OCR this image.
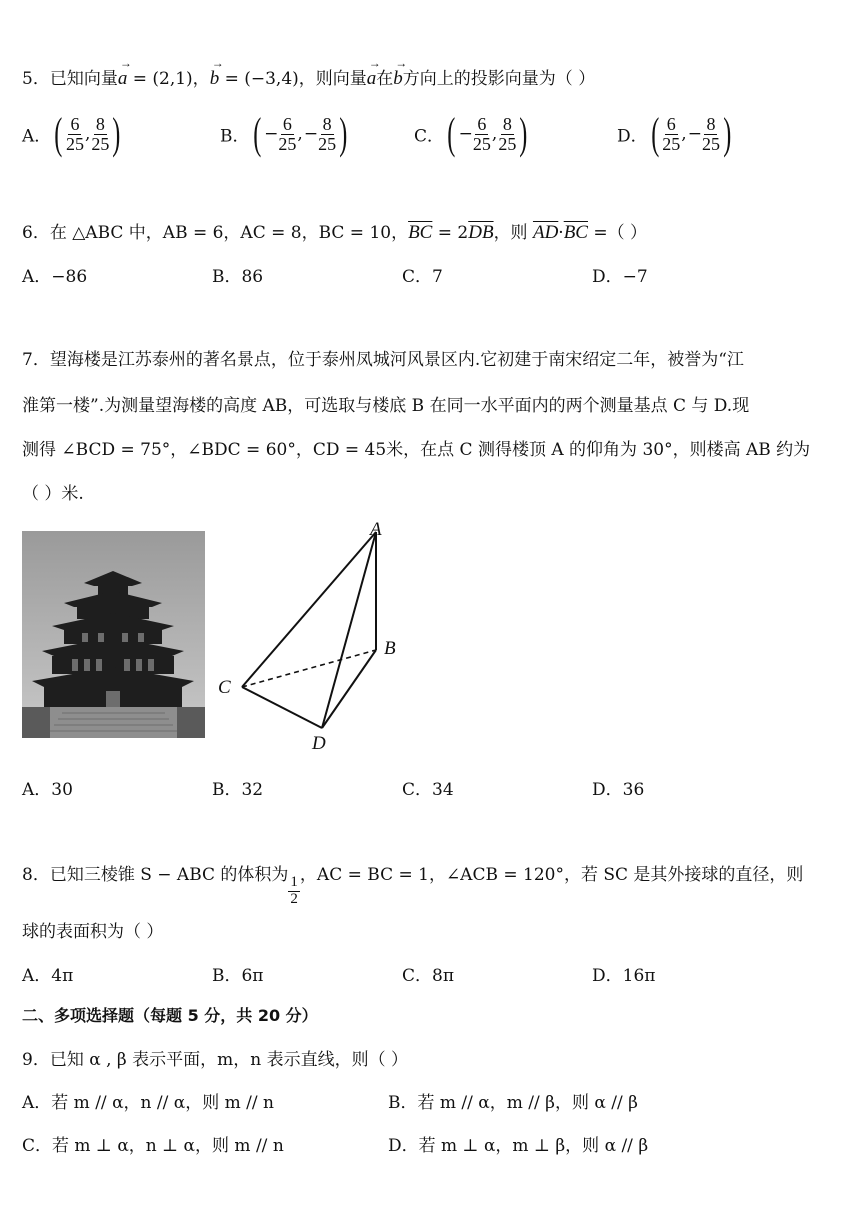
5．已知向量
→
a = (2,1)，
→
b = (−3,4)，则向量
→
a在
→
b方向上的投影向量为（ ）
A． ( $\frac{6}{25}$ , $\frac{8}{25}$ )	B． ( − $\frac{6}{25}$ , − $\frac{8}{25}$ )	C． ( − $\frac{6}{25}$ , $\frac{8}{25}$ )	D． ( $\frac{6}{25}$ , − $\frac{8}{25}$ )
6．在 △ABC 中，AB = 6，AC = 8，BC = 10，$\overline{BC} = 2\overline{DB}$，则 $\overline{AD}\cdot\overline{BC}$ =（ ）
A．−86	B．86	C．7	D．−7
7．望海楼是江苏泰州的著名景点，位于泰州凤城河风景区内.它初建于南宋绍定二年，被誉为“江
淮第一楼”.为测量望海楼的高度 AB，可选取与楼底 B 在同一水平面内的两个测量基点 C 与 D.现
测得 ∠BCD = 75°，∠BDC = 60°，CD = 45米，在点 C 测得楼顶 A 的仰角为 30°，则楼高 AB 约为
（ ）米.
A
B
C
D
A．30	B．32	C．34	D．36
8．已知三棱锥 S − ABC 的体积为 $\frac{1}{2}$ ，AC = BC = 1，∠ACB = 120°，若 SC 是其外接球的直径，则
球的表面积为（ ）
A．4π	B．6π	C．8π	D．16π
二、多项选择题（每题 5 分，共 20 分）
9．已知 α , β 表示平面，m，n 表示直线，则（ ）
A．若 m // α，n // α，则 m // n	B．若 m // α，m // β，则 α // β
C．若 m ⊥ α，n ⊥ α，则 m // n	D．若 m ⊥ α，m ⊥ β，则 α // β
